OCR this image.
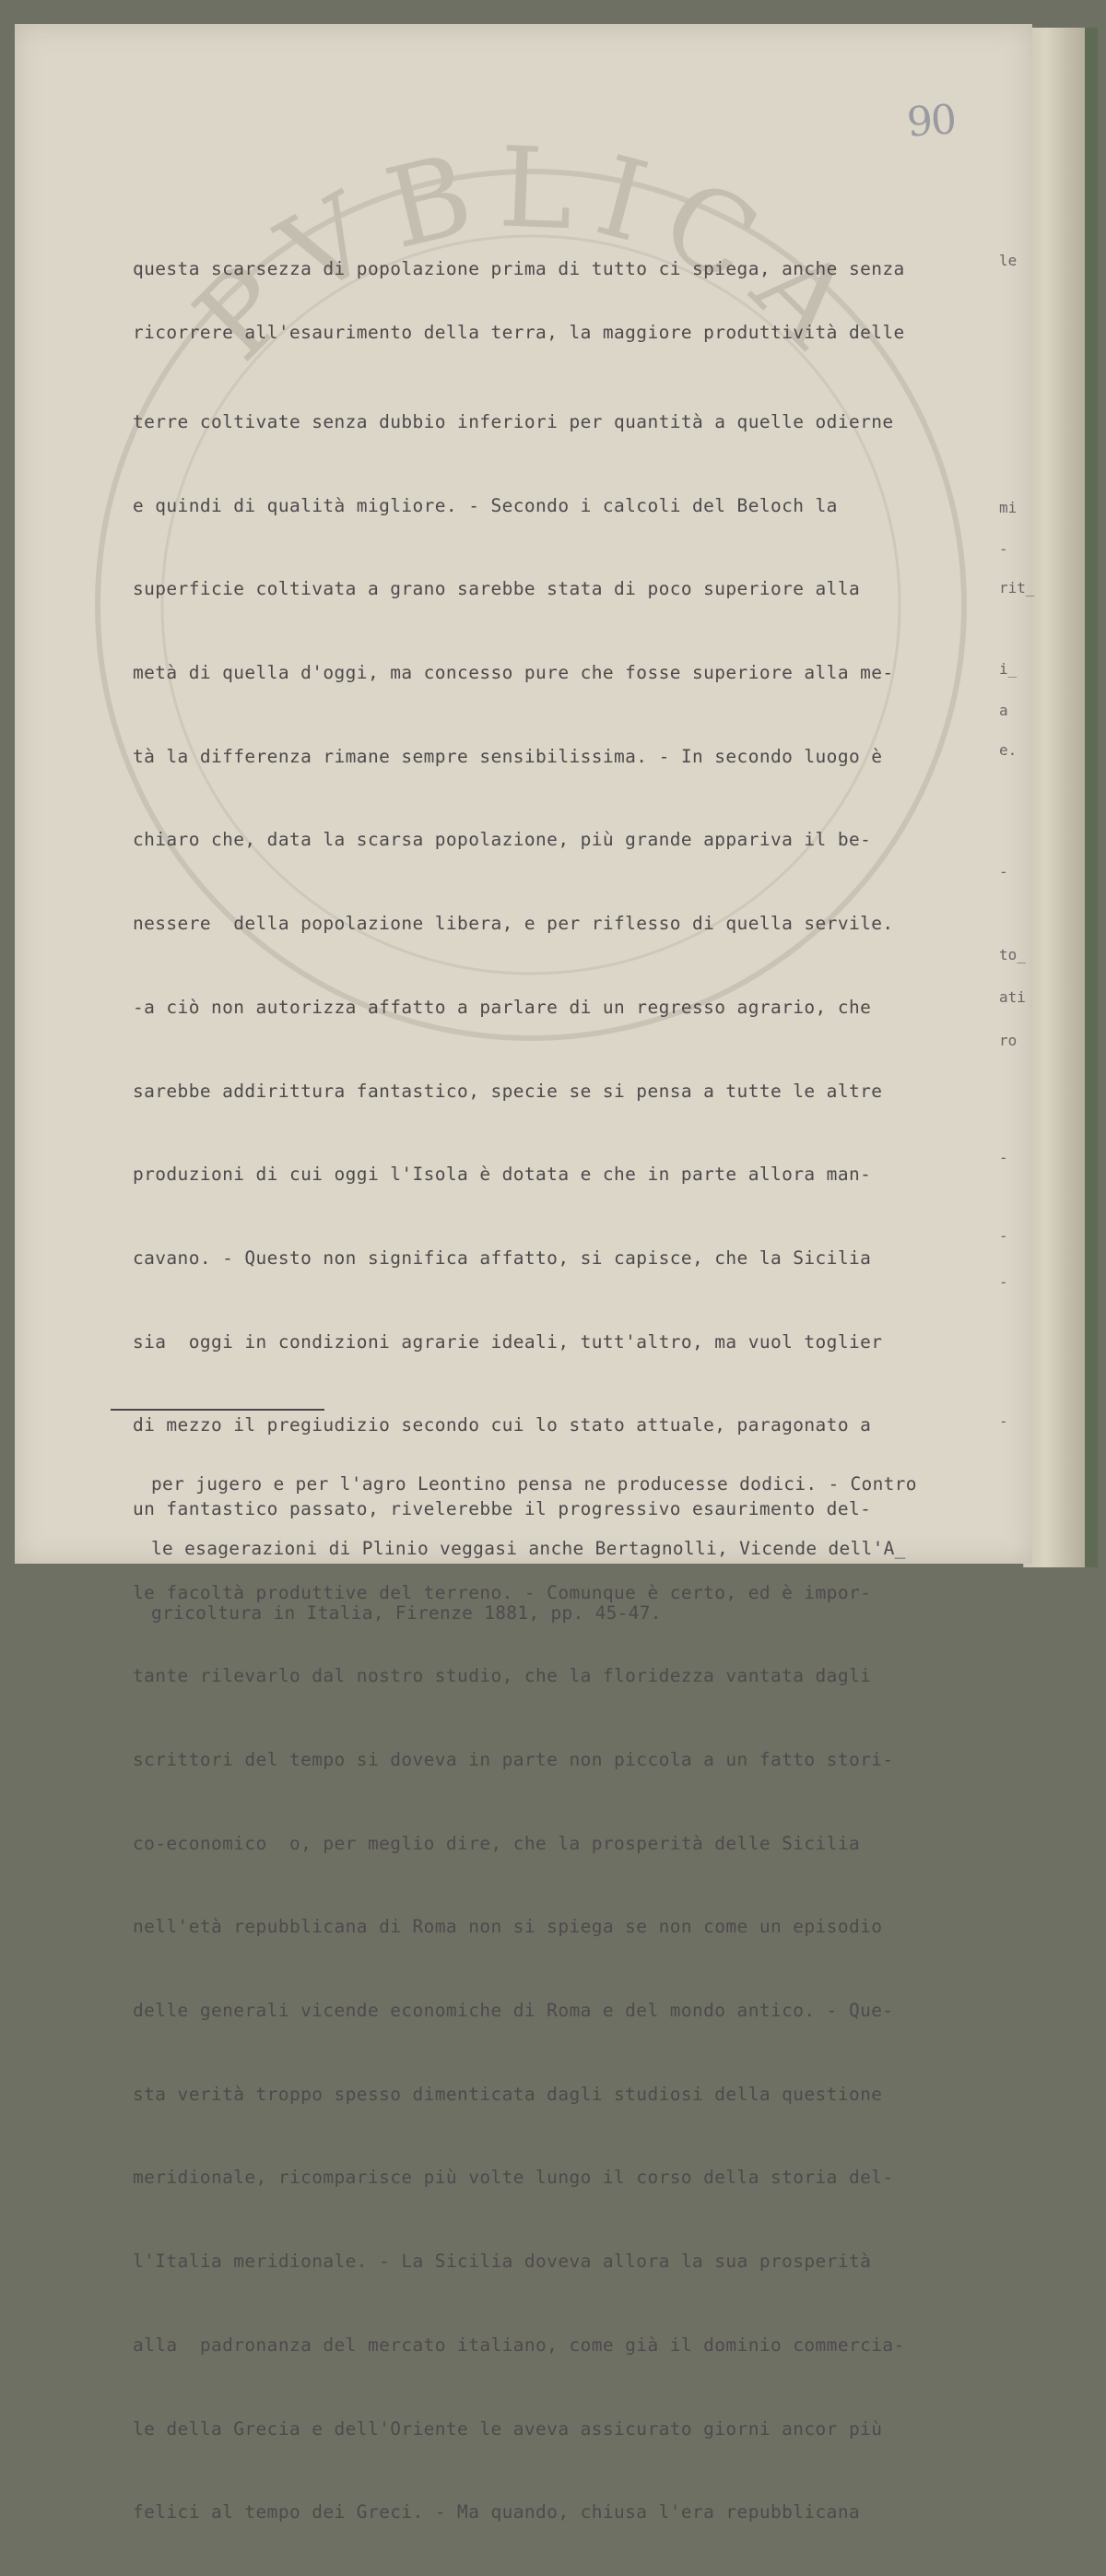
PVBLICA
90

questa scarsezza di popolazione prima di tutto ci spiega, anche senza

ricorrere all'esaurimento della terra, la maggiore produttività delle

terre coltivate senza dubbio inferiori per quantità a quelle odierne

e quindi di qualità migliore. - Secondo i calcoli del Beloch la

superficie coltivata a grano sarebbe stata di poco superiore alla

metà di quella d'oggi, ma concesso pure che fosse superiore alla me-

tà la differenza rimane sempre sensibilissima. - In secondo luogo è

chiaro che, data la scarsa popolazione, più grande appariva il be-

nessere  della popolazione libera, e per riflesso di quella servile.

-a ciò non autorizza affatto a parlare di un regresso agrario, che

sarebbe addirittura fantastico, specie se si pensa a tutte le altre

produzioni di cui oggi l'Isola è dotata e che in parte allora man-

cavano. - Questo non significa affatto, si capisce, che la Sicilia

sia  oggi in condizioni agrarie ideali, tutt'altro, ma vuol toglier

di mezzo il pregiudizio secondo cui lo stato attuale, paragonato a

un fantastico passato, rivelerebbe il progressivo esaurimento del-

le facoltà produttive del terreno. - Comunque è certo, ed è impor-

tante rilevarlo dal nostro studio, che la floridezza vantata dagli

scrittori del tempo si doveva in parte non piccola a un fatto stori-

co-economico  o, per meglio dire, che la prosperità delle Sicilia

nell'età repubblicana di Roma non si spiega se non come un episodio

delle generali vicende economiche di Roma e del mondo antico. - Que-

sta verità troppo spesso dimenticata dagli studiosi della questione

meridionale, ricomparisce più volte lungo il corso della storia del-

l'Italia meridionale. - La Sicilia doveva allora la sua prosperità

alla  padronanza del mercato italiano, come già il dominio commercia-

le della Grecia e dell'Oriente le aveva assicurato giorni ancor più

felici al tempo dei Greci. - Ma quando, chiusa l'era repubblicana

le
mi
-
rit_
i_
a
e.
-
to_
ati
ro
-
-
-
-

per jugero e per l'agro Leontino pensa ne producesse dodici. - Contro

le esagerazioni di Plinio veggasi anche Bertagnolli, Vicende dell'A_

gricoltura in Italia, Firenze 1881, pp. 45-47.
